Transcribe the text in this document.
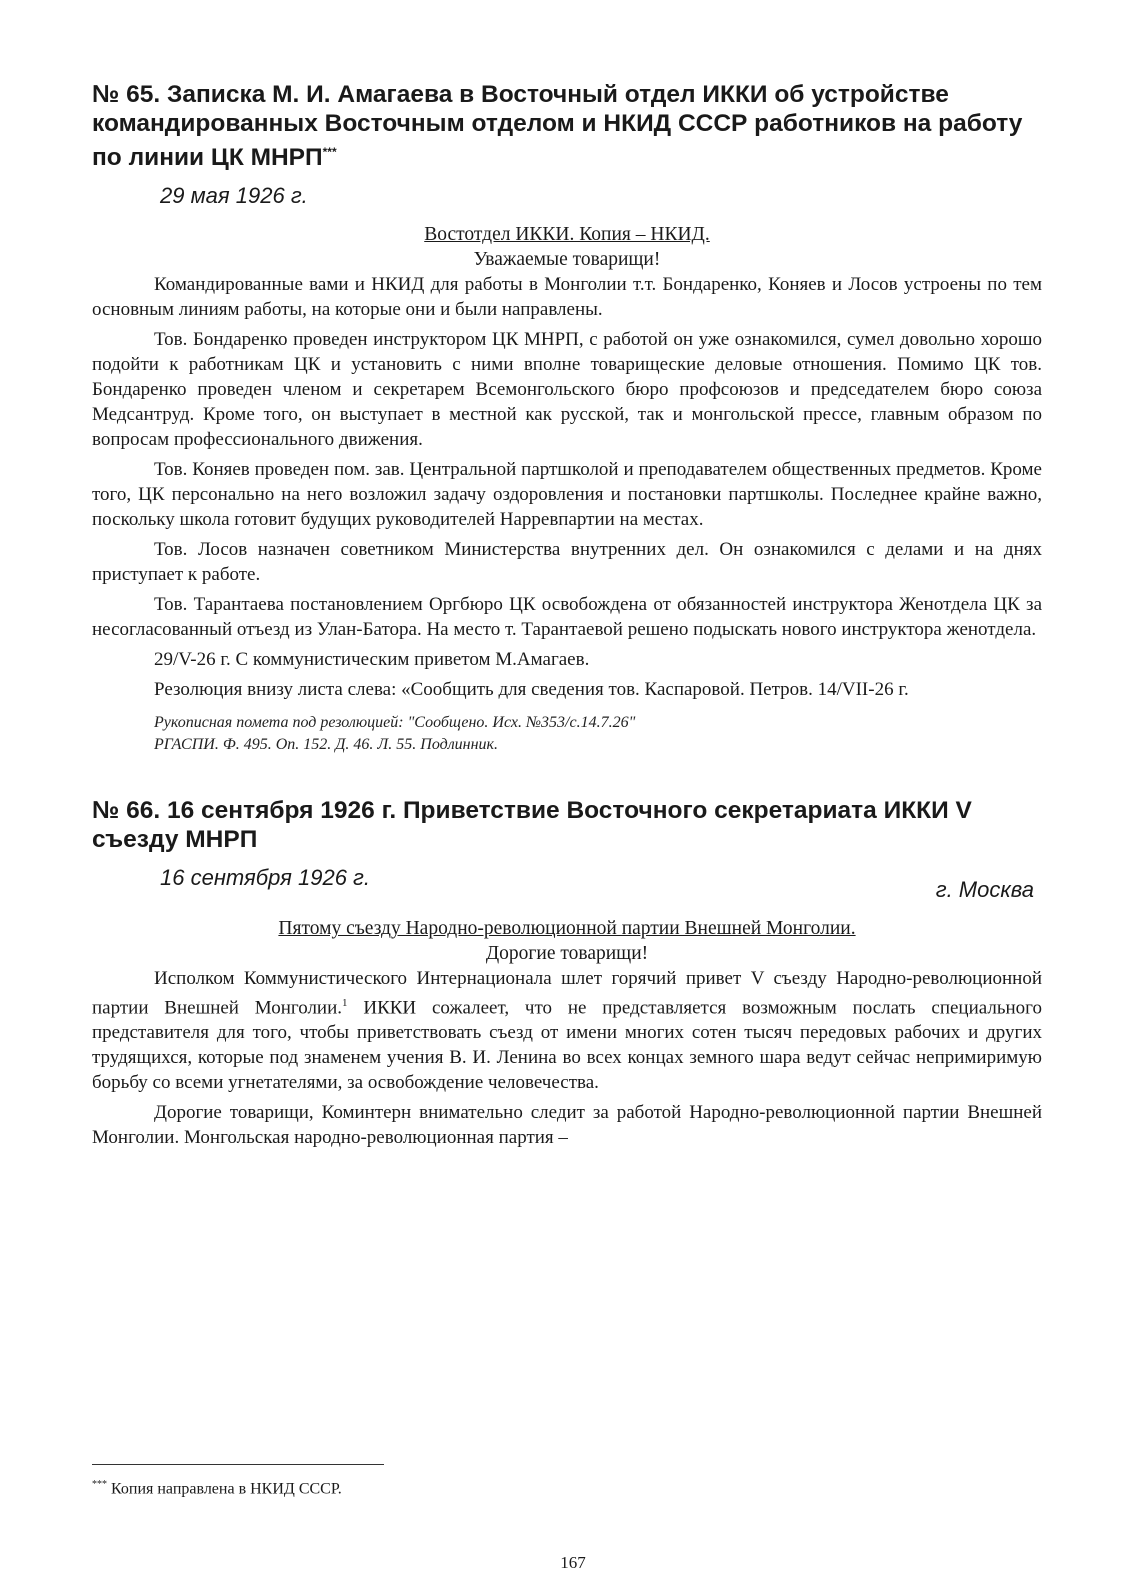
№ 65. Записка М. И. Амагаева в Восточный отдел ИККИ об устройстве командированных Восточным отделом и НКИД СССР работников на работу по линии ЦК МНРП***
29 мая 1926 г.

Востотдел ИККИ. Копия – НКИД.

Уважаемые товарищи!

Командированные вами и НКИД для работы в Монголии т.т. Бондаренко, Коняев и Лосов устроены по тем основным линиям работы, на которые они и были направлены.

Тов. Бондаренко проведен инструктором ЦК МНРП, с работой он уже ознакомился, сумел довольно хорошо подойти к работникам ЦК и установить с ними вполне товарищеские деловые отношения. Помимо ЦК тов. Бондаренко проведен членом и секретарем Всемонгольского бюро профсоюзов и председателем бюро союза Медсантруд. Кроме того, он выступает в местной как русской, так и монгольской прессе, главным образом по вопросам профессионального движения.

Тов. Коняев проведен пом. зав. Центральной партшколой и преподавателем общественных предметов. Кроме того, ЦК персонально на него возложил задачу оздоровления и постановки партшколы. Последнее крайне важно, поскольку школа готовит будущих руководителей Нарревпартии на местах.

Тов. Лосов назначен советником Министерства внутренних дел. Он ознакомился с делами и на днях приступает к работе.

Тов. Тарантаева постановлением Оргбюро ЦК освобождена от обязанностей инструктора Женотдела ЦК за несогласованный отъезд из Улан-Батора. На место т. Тарантаевой решено подыскать нового инструктора женотдела.

29/V-26 г. С коммунистическим приветом М.Амагаев.

Резолюция внизу листа слева: «Сообщить для сведения тов. Каспаровой. Петров. 14/VII-26 г.

Рукописная помета под резолюцией: "Сообщено. Исх. №353/с.14.7.26"

РГАСПИ. Ф. 495. Оп. 152. Д. 46. Л. 55. Подлинник.

№ 66. 16 сентября 1926 г. Приветствие Восточного секретариата ИККИ V съезду МНРП
16 сентября 1926 г.	г. Москва

Пятому съезду Народно-революционной партии Внешней Монголии.

Дорогие товарищи!

Исполком Коммунистического Интернационала шлет горячий привет V съезду Народно-революционной партии Внешней Монголии.$^1$ ИККИ сожалеет, что не представляется возможным послать специального представителя для того, чтобы приветствовать съезд от имени многих сотен тысяч передовых рабочих и других трудящихся, которые под знаменем учения В. И. Ленина во всех концах земного шара ведут сейчас непримиримую борьбу со всеми угнетателями, за освобождение человечества.

Дорогие товарищи, Коминтерн внимательно следит за работой Народно-революционной партии Внешней Монголии. Монгольская народно-революционная партия –

*** Копия направлена в НКИД СССР.
167
